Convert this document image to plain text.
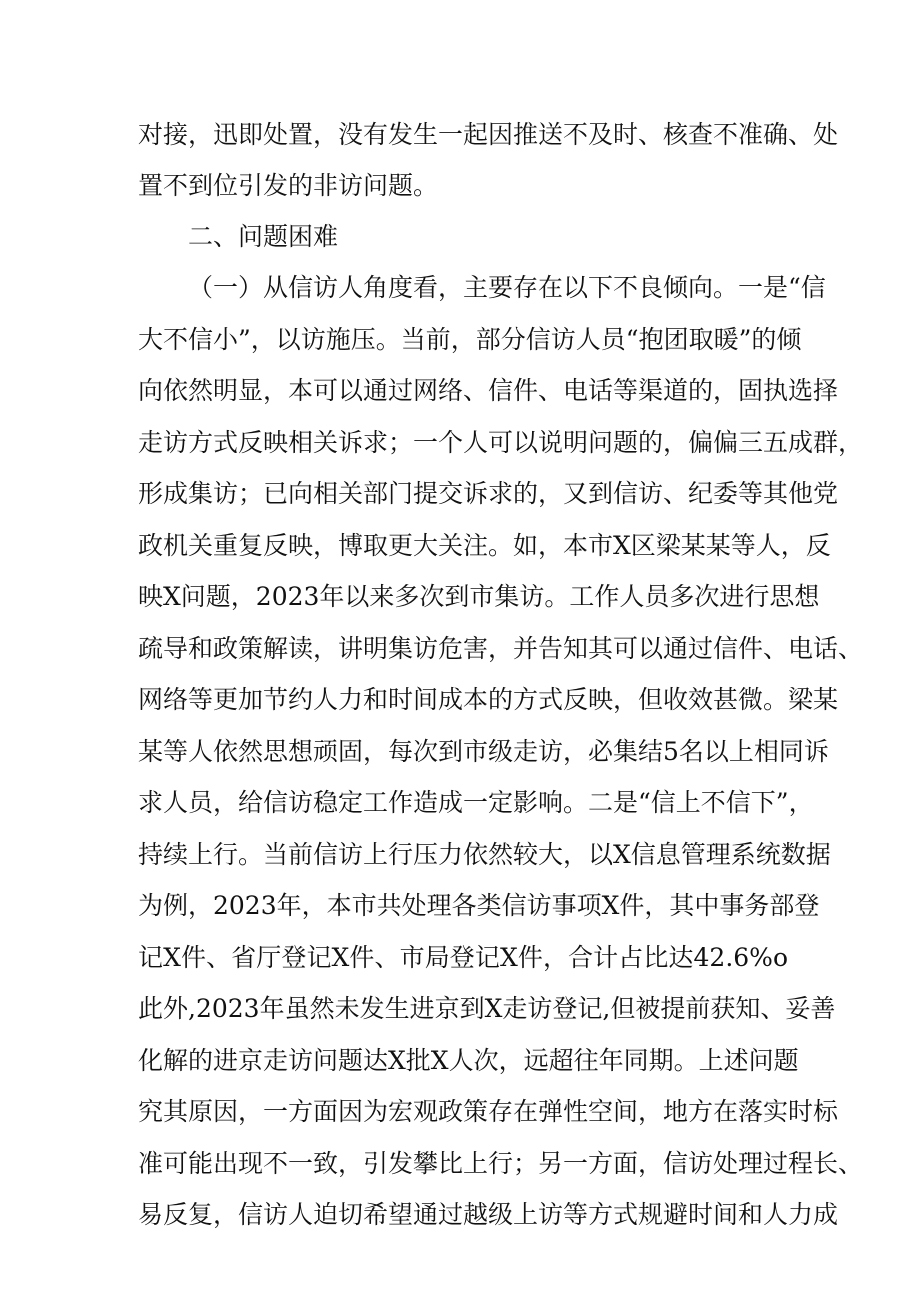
对接，迅即处置，没有发生一起因推送不及时、核查不准确、处
置不到位引发的非访问题。
二、问题困难
（一）从信访人角度看，主要存在以下不良倾向。一是“信
大不信小”，以访施压。当前，部分信访人员“抱团取暖”的倾
向依然明显，本可以通过网络、信件、电话等渠道的，固执选择
走访方式反映相关诉求；一个人可以说明问题的，偏偏三五成群，
形成集访；已向相关部门提交诉求的，又到信访、纪委等其他党
政机关重复反映，博取更大关注。如，本市X区梁某某等人，反
映X问题，2023年以来多次到市集访。工作人员多次进行思想
疏导和政策解读，讲明集访危害，并告知其可以通过信件、电话、
网络等更加节约人力和时间成本的方式反映，但收效甚微。梁某
某等人依然思想顽固，每次到市级走访，必集结5名以上相同诉
求人员，给信访稳定工作造成一定影响。二是“信上不信下”，
持续上行。当前信访上行压力依然较大，以X信息管理系统数据
为例，2023年，本市共处理各类信访事项X件，其中事务部登
记X件、省厅登记X件、市局登记X件，合计占比达42.6%o
此外,2023年虽然未发生进京到X走访登记,但被提前获知、妥善
化解的进京走访问题达X批X人次，远超往年同期。上述问题
究其原因，一方面因为宏观政策存在弹性空间，地方在落实时标
准可能出现不一致，引发攀比上行；另一方面，信访处理过程长、
易反复，信访人迫切希望通过越级上访等方式规避时间和人力成
